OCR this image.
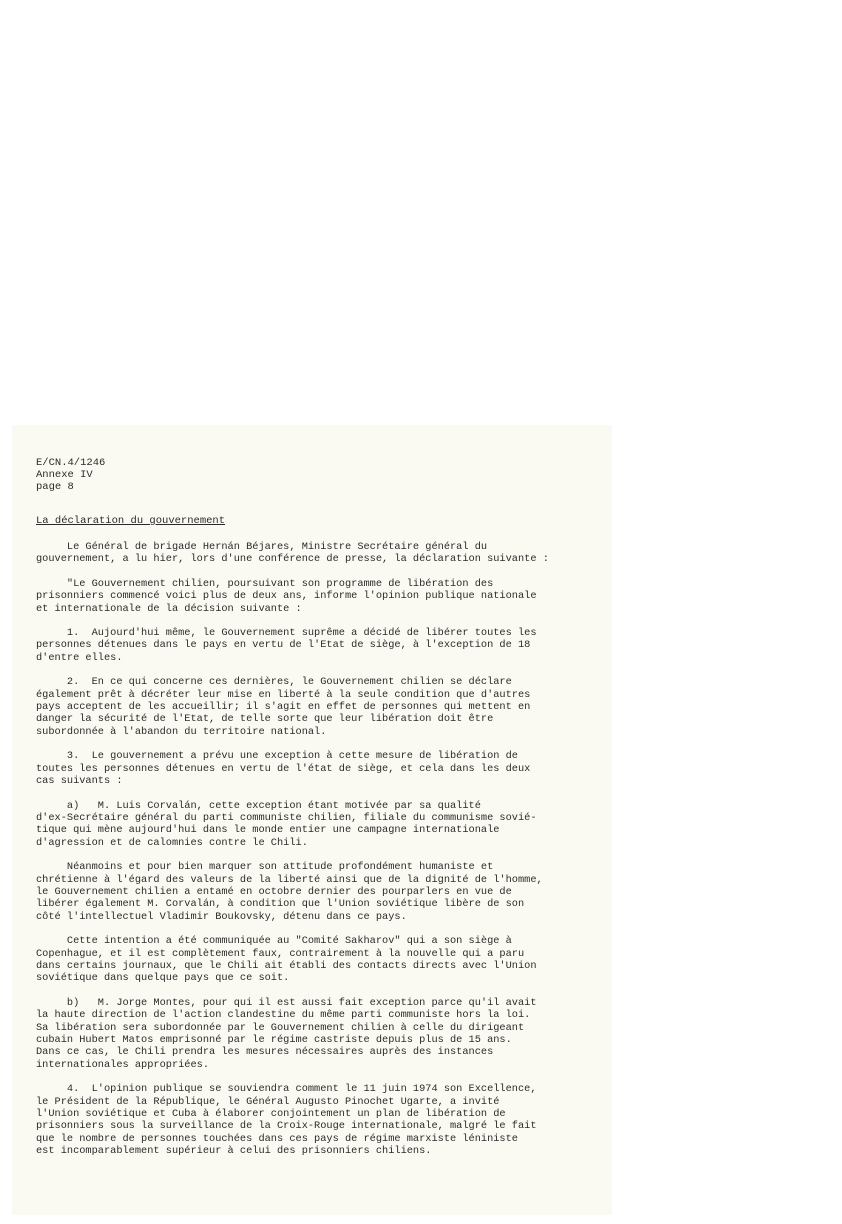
E/CN.4/1246
Annexe IV
page 8
La déclaration du gouvernement

Le Général de brigade Hernán Béjares, Ministre Secrétaire général du
gouvernement, a lu hier, lors d'une conférence de presse, la déclaration suivante :

"Le Gouvernement chilien, poursuivant son programme de libération des
prisonniers commencé voici plus de deux ans, informe l'opinion publique nationale
et internationale de la décision suivante :

1.  Aujourd'hui même, le Gouvernement suprême a décidé de libérer toutes les
personnes détenues dans le pays en vertu de l'Etat de siège, à l'exception de 18
d'entre elles.

2.  En ce qui concerne ces dernières, le Gouvernement chilien se déclare
également prêt à décréter leur mise en liberté à la seule condition que d'autres
pays acceptent de les accueillir; il s'agit en effet de personnes qui mettent en
danger la sécurité de l'Etat, de telle sorte que leur libération doit être
subordonnée à l'abandon du territoire national.

3.  Le gouvernement a prévu une exception à cette mesure de libération de
toutes les personnes détenues en vertu de l'état de siège, et cela dans les deux
cas suivants :

a)   M. Luis Corvalán, cette exception étant motivée par sa qualité
d'ex-Secrétaire général du parti communiste chilien, filiale du communisme sovié-
tique qui mène aujourd'hui dans le monde entier une campagne internationale
d'agression et de calomnies contre le Chili.

Néanmoins et pour bien marquer son attitude profondément humaniste et
chrétienne à l'égard des valeurs de la liberté ainsi que de la dignité de l'homme,
le Gouvernement chilien a entamé en octobre dernier des pourparlers en vue de
libérer également M. Corvalán, à condition que l'Union soviétique libère de son
côté l'intellectuel Vladimir Boukovsky, détenu dans ce pays.

Cette intention a été communiquée au "Comité Sakharov" qui a son siège à
Copenhague, et il est complètement faux, contrairement à la nouvelle qui a paru
dans certains journaux, que le Chili ait établi des contacts directs avec l'Union
soviétique dans quelque pays que ce soit.

b)   M. Jorge Montes, pour qui il est aussi fait exception parce qu'il avait
la haute direction de l'action clandestine du même parti communiste hors la loi.
Sa libération sera subordonnée par le Gouvernement chilien à celle du dirigeant
cubain Hubert Matos emprisonné par le régime castriste depuis plus de 15 ans.
Dans ce cas, le Chili prendra les mesures nécessaires auprès des instances
internationales appropriées.

4.  L'opinion publique se souviendra comment le 11 juin 1974 son Excellence,
le Président de la République, le Général Augusto Pinochet Ugarte, a invité
l'Union soviétique et Cuba à élaborer conjointement un plan de libération de
prisonniers sous la surveillance de la Croix-Rouge internationale, malgré le fait
que le nombre de personnes touchées dans ces pays de régime marxiste léniniste
est incomparablement supérieur à celui des prisonniers chiliens.
